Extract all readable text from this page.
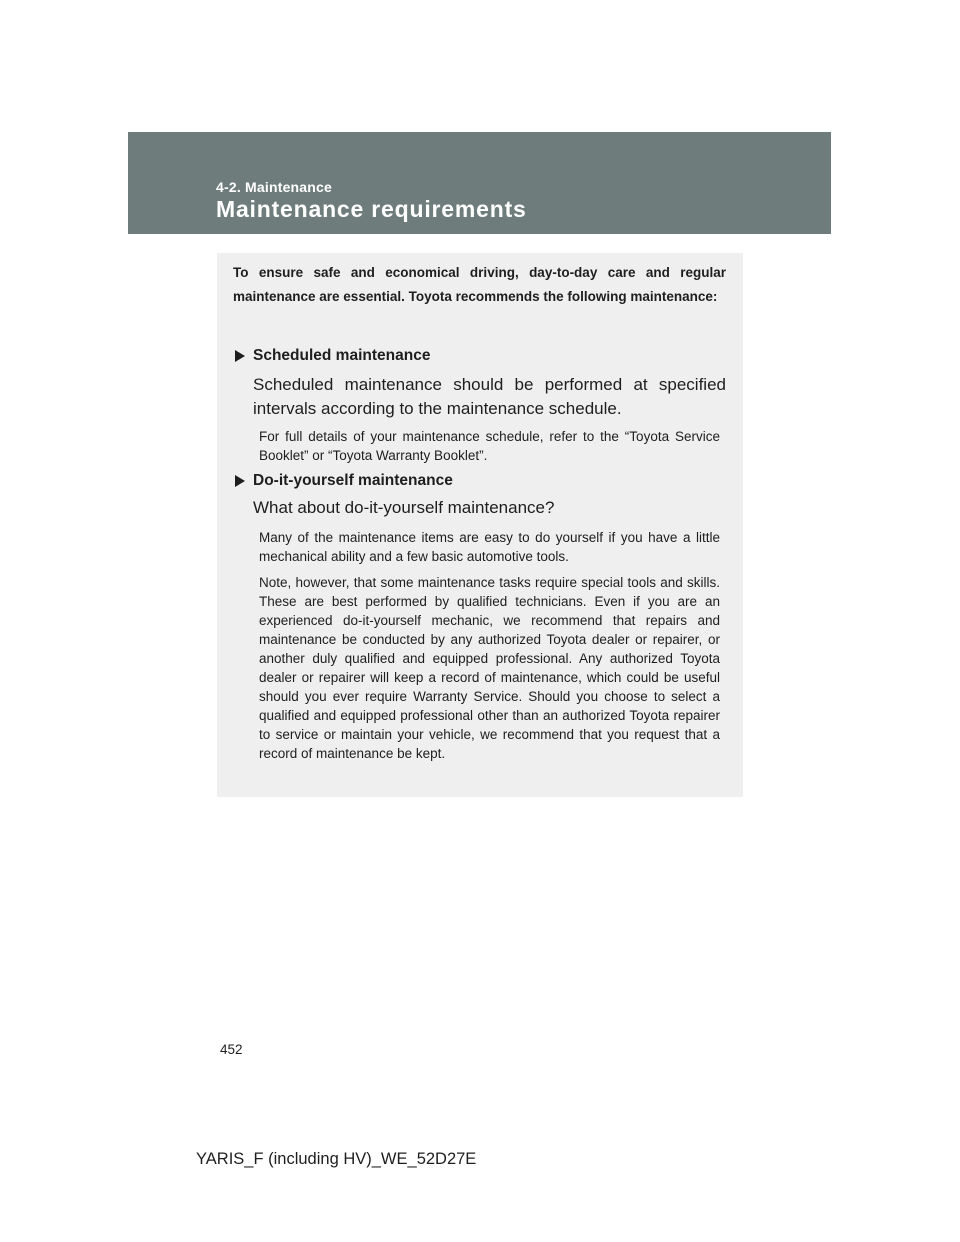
4-2. Maintenance
Maintenance requirements
To ensure safe and economical driving, day-to-day care and regular maintenance are essential. Toyota recommends the following maintenance:
Scheduled maintenance
Scheduled maintenance should be performed at specified intervals according to the maintenance schedule.
For full details of your maintenance schedule, refer to the “Toyota Service Booklet” or “Toyota Warranty Booklet”.
Do-it-yourself maintenance
What about do-it-yourself maintenance?
Many of the maintenance items are easy to do yourself if you have a little mechanical ability and a few basic automotive tools.
Note, however, that some maintenance tasks require special tools and skills. These are best performed by qualified technicians. Even if you are an experienced do-it-yourself mechanic, we recommend that repairs and maintenance be conducted by any authorized Toyota dealer or repairer, or another duly qualified and equipped professional. Any authorized Toyota dealer or repairer will keep a record of maintenance, which could be useful should you ever require Warranty Service. Should you choose to select a qualified and equipped professional other than an authorized Toyota repairer to service or maintain your vehicle, we recommend that you request that a record of maintenance be kept.
452
YARIS_F (including HV)_WE_52D27E
